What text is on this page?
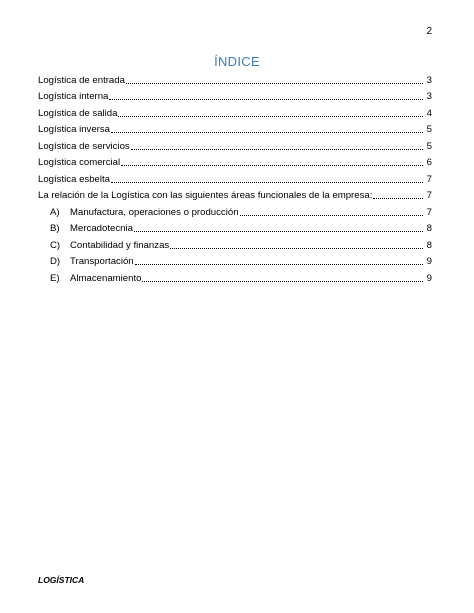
2
ÍNDICE
Logística de entrada	3
Logística interna	3
Logística de salida	4
Logística inversa	5
Logística de servicios	5
Logística comercial	6
Logística esbelta	7
La relación de la Logística con las siguientes áreas funcionales de la empresa:	7
A)	Manufactura, operaciones o producción	7
B)	Mercadotecnia	8
C)	Contabilidad y finanzas	8
D)	Transportación	9
E)	Almacenamiento	9
LOGÍSTICA
